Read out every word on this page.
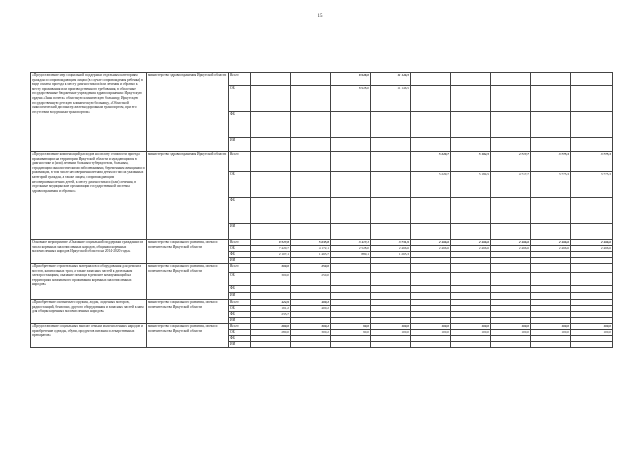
15
«Предоставление мер социальной поддержки отдельным категориям граждан и сопровождающим лицам (в случае сопровождения ребенка) в виде оплаты проезда к месту диагностики и/или лечения и обратно к месту проживания или производственного требования, в областные государственные бюджетные учреждения здравоохранения: Иркутскую ордена «Знак почета» областную клиническую больницу, Иркутскую государственную детскую клиническую больницу, «Областной онкологический диспансер железнодорожным транспортом, при его отсутствии воздушным транспортом»	министерство здравоохранения Иркутской области	Всего			8 928,0	11 146,5					
		ОБ			8 928,0	11 146,5					
		ФБ									
		ИИ									
«Предоставление компенсаций расходов на оплату стоимости проезда проживающим на территории Иркутской области и нуждающимся в диагностике и (или) лечении больным туберкулезом, больным, страдающим онкологическими заболеваниями, беременным женщинам и роженицам, в том числе несовершеннолетним детям из числа указанных категорий граждан, а также лицам, сопровождающим несовершеннолетних детей, к месту диагностики и (или) лечения, в отдельные медицинские организации государственной системы здравоохранения и обратно»	министерство здравоохранения Иркутской области	Всего					5 229,7	5 184,5	4 717,7	3 775,3	3 775,3
		ОБ					5 229,7	5 184,5	4 717,7	3 775,3	3 775,3
		ФБ									
		ИИ									
Основное мероприятие «Оказание социальной поддержки гражданам из числа коренных малочисленных народов, общинам коренных малочисленных народов Иркутской области на 2014-2020 годы»	министерство социального развития, опеки и попечительства Иркутской области	Всего	9 527,8	5 635,8	3 417,1	3 731,9	2 466,6	2 466,6	2 466,6	2 466,6	2 466,6
		ОБ	7 420,7	4 172,1	2 528,0	2 466,6	2 466,6	2 466,6	2 466,6	2 466,6	2 466,6
		ФБ	2 107,1	1 463,7	889,1	1 265,3					
		ИИ									
«Приобретение строительных материалов и оборудования для ремонта мостов, капитальных троп, а также запасных частей к дизельным электростанциям, оказание помощи в ремонте коммуникаций на территориях компактного проживания коренных малочисленных народов»	министерство социального развития, опеки и попечительства Иркутской области	Всего	300,0	250,0							
		ОБ	300,0	250,0							
		ФБ									
		ИИ									
«Приобретение охотничьего оружия, лодок, лодочных моторов, радиостанций, бензопил, другого оборудования и запасных частей к ним для общин коренных малочисленных народов»	министерство социального развития, опеки и попечительства Иркутской области	Всего	424,9	400,2							
		ОБ	191,2	400,2							
		ФБ	233,7								
		ИИ									
«Предоставление социальных выплат семьям малочисленных народов и приобретение одежды, обуви, продуктов питания и лекарственных препаратов»	министерство социального развития, опеки и попечительства Иркутской области	Всего	280,0	300,2	90,0	100,0	100,0	100,0	100,0	100,0	100,0
		ОБ	280,0	300,2	90,0	100,0	100,0	100,0	100,0	100,0	100,0
		ФБ									
		ИИ									
